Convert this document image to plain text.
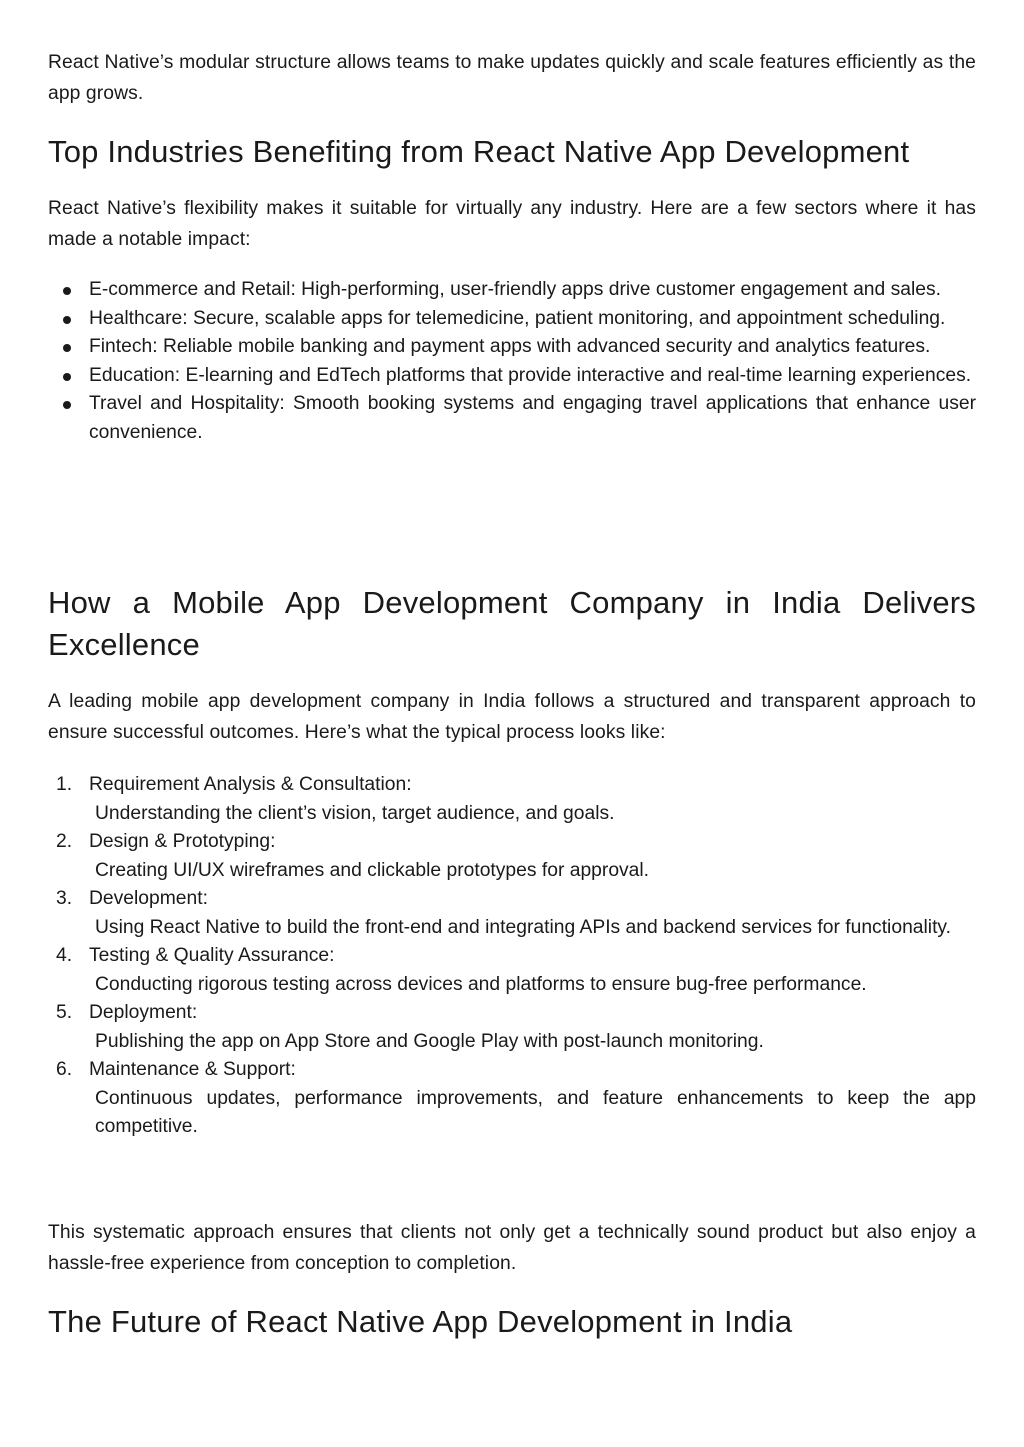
React Native’s modular structure allows teams to make updates quickly and scale features efficiently as the app grows.

Top Industries Benefiting from React Native App Development

React Native’s flexibility makes it suitable for virtually any industry. Here are a few sectors where it has made a notable impact:

E-commerce and Retail: High-performing, user-friendly apps drive customer engagement and sales.
Healthcare: Secure, scalable apps for telemedicine, patient monitoring, and appointment scheduling.
Fintech: Reliable mobile banking and payment apps with advanced security and analytics features.
Education: E-learning and EdTech platforms that provide interactive and real-time learning experiences.
Travel and Hospitality: Smooth booking systems and engaging travel applications that enhance user convenience.
How a Mobile App Development Company in India Delivers Excellence

A leading mobile app development company in India follows a structured and transparent approach to ensure successful outcomes. Here’s what the typical process looks like:

1. Requirement Analysis & Consultation:
Understanding the client’s vision, target audience, and goals.
2. Design & Prototyping:
Creating UI/UX wireframes and clickable prototypes for approval.
3. Development:
Using React Native to build the front-end and integrating APIs and backend services for functionality.
4. Testing & Quality Assurance:
Conducting rigorous testing across devices and platforms to ensure bug-free performance.
5. Deployment:
Publishing the app on App Store and Google Play with post-launch monitoring.
6. Maintenance & Support:
Continuous updates, performance improvements, and feature enhancements to keep the app competitive.

This systematic approach ensures that clients not only get a technically sound product but also enjoy a hassle-free experience from conception to completion.

The Future of React Native App Development in India
